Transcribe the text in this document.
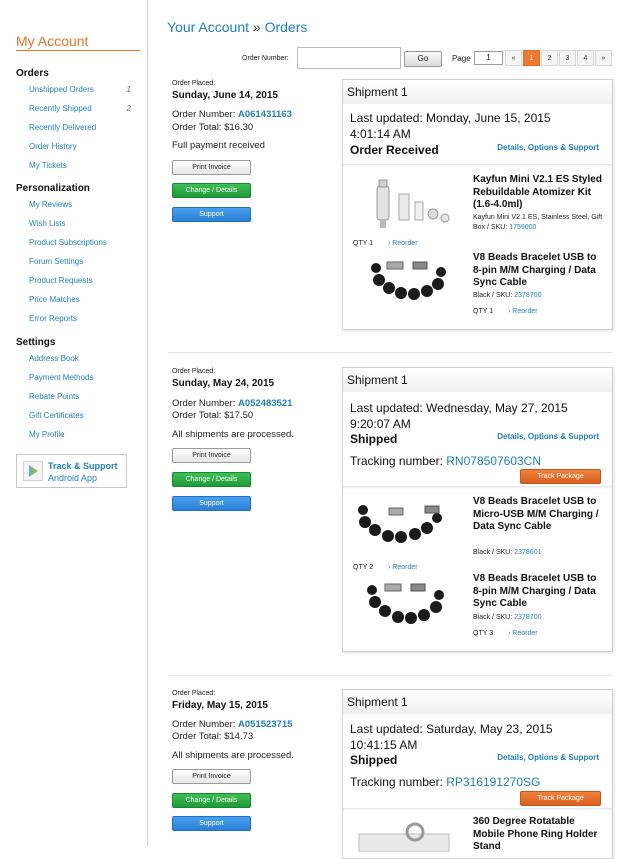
My Account
Orders
Unshipped Orders	1
Recently Shipped	2
Recently Delivered
Order History
My Tickets
Personalization
My Reviews
Wish Lists
Product Subscriptions
Forum Settings
Product Requests
Price Matches
Error Reports
Settings
Address Book
Payment Methods
Rebate Points
Gift Certificates
My Profile
Track & Support
Android App
Your Account » Orders
Order Number:	Go	Page	1	«	1	2	3	4	»
Order Placed:
Sunday, June 14, 2015
Order Number: A061431163
Order Total: $16.30
Full payment received
Print Invoice
Change / Details
Support
Shipment 1
Last updated: Monday, June 15, 2015 4:01:14 AM
Order Received	Details, Options & Support
Kayfun Mini V2.1 ES Styled Rebuildable Atomizer Kit (1.6-4.0ml)
Kayfun Mini V2.1 ES, Stainless Steel, Gift Box / SKU: 1759000
QTY 1 › Reorder
V8 Beads Bracelet USB to 8-pin M/M Charging / Data Sync Cable
Black / SKU: 2378700
QTY 1 › Reorder
Order Placed:
Sunday, May 24, 2015
Order Number: A052483521
Order Total: $17.50
All shipments are processed.
Print Invoice
Change / Details
Support
Shipment 1
Last updated: Wednesday, May 27, 2015 9:20:07 AM
Shipped	Details, Options & Support
Tracking number: RN078507603CN
Track Package
V8 Beads Bracelet USB to Micro-USB M/M Charging / Data Sync Cable
Black / SKU: 2378601
QTY 2 › Reorder
V8 Beads Bracelet USB to 8-pin M/M Charging / Data Sync Cable
Black / SKU: 2378700
QTY 3 › Reorder
Order Placed:
Friday, May 15, 2015
Order Number: A051523715
Order Total: $14.73
All shipments are processed.
Print Invoice
Change / Details
Support
Shipment 1
Last updated: Saturday, May 23, 2015 10:41:15 AM
Shipped	Details, Options & Support
Tracking number: RP316191270SG
Track Package
360 Degree Rotatable Mobile Phone Ring Holder Stand
